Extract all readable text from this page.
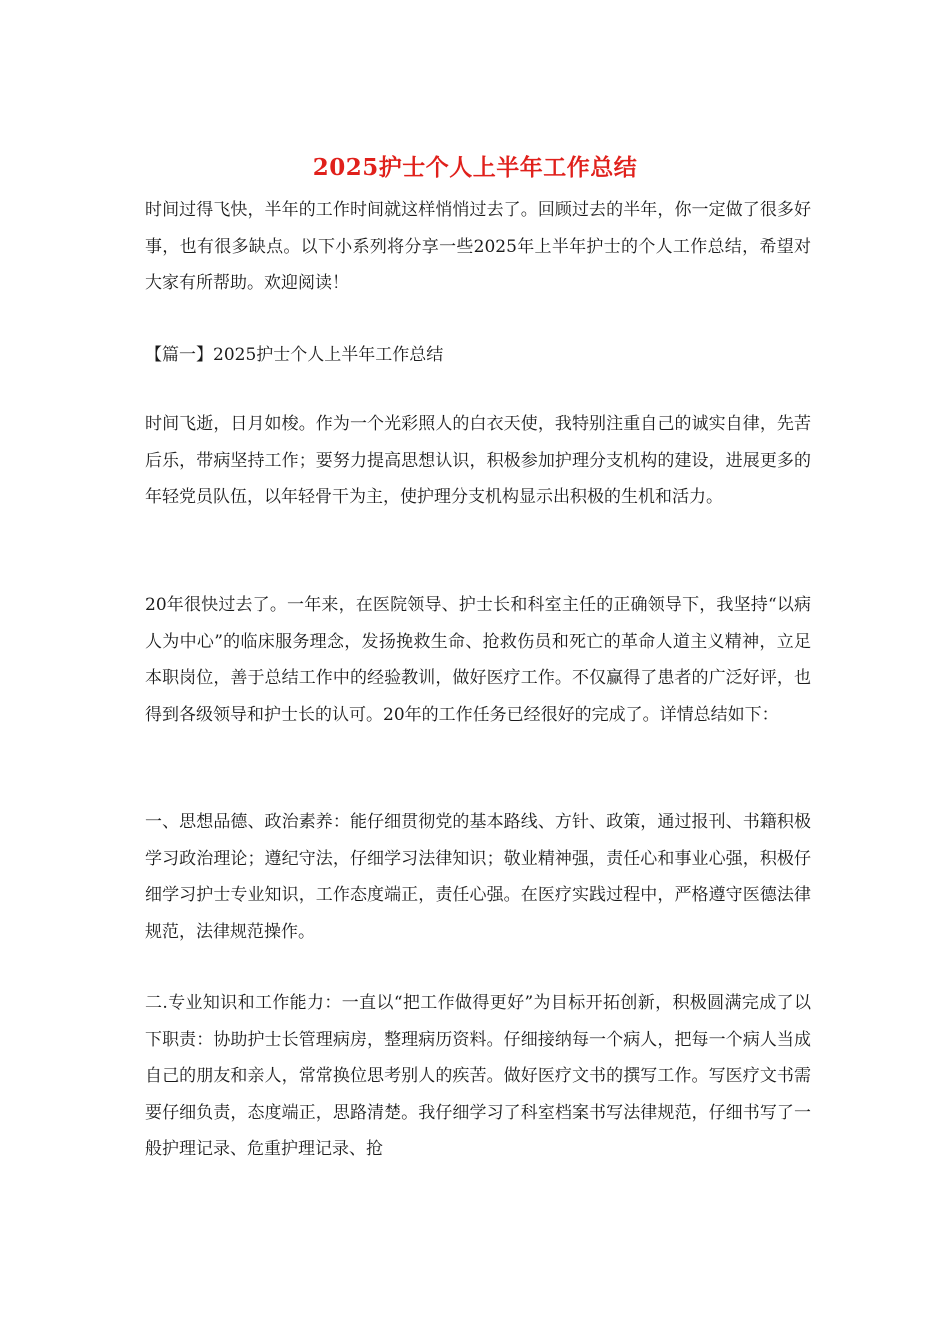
2025护士个人上半年工作总结
时间过得飞快，半年的工作时间就这样悄悄过去了。回顾过去的半年，你一定做了很多好事，也有很多缺点。以下小系列将分享一些2025年上半年护士的个人工作总结，希望对大家有所帮助。欢迎阅读！
【篇一】2025护士个人上半年工作总结
时间飞逝，日月如梭。作为一个光彩照人的白衣天使，我特别注重自己的诚实自律，先苦后乐，带病坚持工作；要努力提高思想认识，积极参加护理分支机构的建设，进展更多的年轻党员队伍，以年轻骨干为主，使护理分支机构显示出积极的生机和活力。
20年很快过去了。一年来，在医院领导、护士长和科室主任的正确领导下，我坚持“以病人为中心”的临床服务理念，发扬挽救生命、抢救伤员和死亡的革命人道主义精神，立足本职岗位，善于总结工作中的经验教训，做好医疗工作。不仅赢得了患者的广泛好评，也得到各级领导和护士长的认可。20年的工作任务已经很好的完成了。详情总结如下：
一、思想品德、政治素养：能仔细贯彻党的基本路线、方针、政策，通过报刊、书籍积极学习政治理论；遵纪守法，仔细学习法律知识；敬业精神强，责任心和事业心强，积极仔细学习护士专业知识，工作态度端正，责任心强。在医疗实践过程中，严格遵守医德法律规范，法律规范操作。
二.专业知识和工作能力：一直以“把工作做得更好”为目标开拓创新，积极圆满完成了以下职责：协助护士长管理病房，整理病历资料。仔细接纳每一个病人，把每一个病人当成自己的朋友和亲人，常常换位思考别人的疾苦。做好医疗文书的撰写工作。写医疗文书需要仔细负责，态度端正，思路清楚。我仔细学习了科室档案书写法律规范，仔细书写了一般护理记录、危重护理记录、抢
